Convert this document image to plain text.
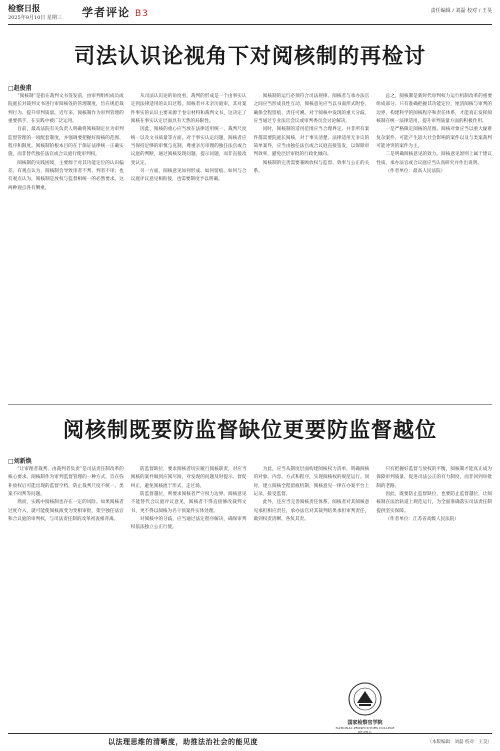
检察日报
2025年9月10日 星期三 学者评论 B3	责任编辑 / 刘磊 校对 / 王昊
司法认识论视角下对阅核制的再检讨
□赵俊甫

“阅核制”是指在裁判文书签发前，由审判组织成员或院庭长对裁判文书进行审阅核签的管理制度，旨在规范裁判行为、提升审判质量。近年来，阅核制作为审判管理的重要抓手，在实践中被广泛运用。

目前，最高法院有关负责人明确将阅核制定位为审判监督管理的一项配套制度，并强调要把握好阅核的范围、程序和限度。阅核制的根本目的在于保证法律统一正确实施，而非替代独任法官或合议庭行使审判权。

阅核制的实践困境，主要源于对其功能定位的认识偏差。有观点认为，阅核制会导致审者不判、判者不审；也有观点认为，阅核制是放权与监督相统一的必然要求。这两种观点各有侧重。

从司法认识论的角度看，裁判的形成是一个由事实认定到法律适用的认识过程。阅核者并未亲历庭审，其对案件事实的认识主要来源于卷宗材料和裁判文书，这决定了阅核在事实认定层面具有天然的局限性。

因此，阅核的重心应当放在法律适用统一、裁判尺度统一以及文书质量等方面。对于事实认定问题，阅核者应当保持足够的审慎与克制，尊重亲历审理的独任法官或合议庭的判断，通过阅核发现问题、提示问题，而非直接改变认定。

另一方面，阅核意见如何形成、如何留痕、如何与合议庭评议意见相衔接，也需要制度予以明确。

阅核制的运行必须符合司法规律。阅核者与承办法官之间应当形成良性互动，阅核意见应当以书面形式附卷，确保全程留痕、责任可溯。对于阅核中发现的重大分歧，应当通过专业法官会议或审判委员会讨论解决。

同时，阅核制的适用范围应当合理界定。并非所有案件都需要院庭长阅核，对于事实清楚、法律适用无争议的简单案件，应当由独任法官或合议庭直接签发，以保障审判效率，避免层层审批的行政化倾向。

阅核制的完善需要兼顾放权与监督、效率与公正的关系。

总之，阅核制是新时代审判权力运行机制改革的重要组成部分。只有准确把握其功能定位，厘清阅核与审判的边界，构建科学的阅核程序和责任体系，才能真正发挥阅核制在统一法律适用、提升审判质量方面的积极作用。

一是严格限定阅核的范围。阅核对象应当以重大疑难复杂案件、可能产生较大社会影响的案件以及与类案裁判可能冲突的案件为主。

二是明确阅核意见的效力。阅核意见原则上属于建议性质，承办法官或合议庭应当认真研究并作出说明。

（作者单位：最高人民法院）

阅核制既要防监督缺位更要防监督越位
□刘新焕

“让审理者裁判、由裁判者负责”是司法责任制改革的核心要求。阅核制作为审判监督管理的一种方式，旨在弥补放权后可能出现的监督空档，防止裁判尺度不统一、类案不同判等问题。

然而，实践中阅核制也存在一定的风险。如果阅核者过度介入，就可能使阅核演变为变相审批，架空独任法官和合议庭的审判权，与司法责任制的改革初衷相背离。

防监督缺位，要求阅核者切实履行阅核职责，对应当阅核的案件做到应阅尽阅，对发现的问题及时提示、督促纠正，避免阅核流于形式、走过场。

防监督越位，则要求阅核者严守权力边界。阅核意见不能替代合议庭评议意见，阅核者不得直接修改裁判文书，更不得以阅核为名干预案件实体处理。

对阅核中的分歧，应当通过法定程序解决，确保审判权依法独立公正行使。

为此，应当从制度层面构建阅核权力清单，明确阅核的对象、内容、方式和程序，实现阅核权的规范运行。同时，建立阅核全程留痕机制，阅核意见一律在办案平台上记录，接受监督。

此外，还应当完善阅核责任体系。阅核者对其阅核意见承担相应责任，承办法官对其裁判结果承担审判责任，做到权责清晰、各负其责。

只有把握好监督与放权的平衡，阅核制才能真正成为保障审判质量、促进司法公正的有力制度，而非回到审批制的老路。

因此，既要防止监督缺位，也要防止监督越位，让阅核制在法治轨道上规范运行，为全面准确落实司法责任制提供坚实保障。

（作者单位：江苏省高级人民法院）

国家检察官学院
NATIONAL PROSECUTORS COLLEGE OF P.R.C.
以法理思维的清晰度，助推法治社会的能见度	（本版编辑：刘磊 校对：王昊）
